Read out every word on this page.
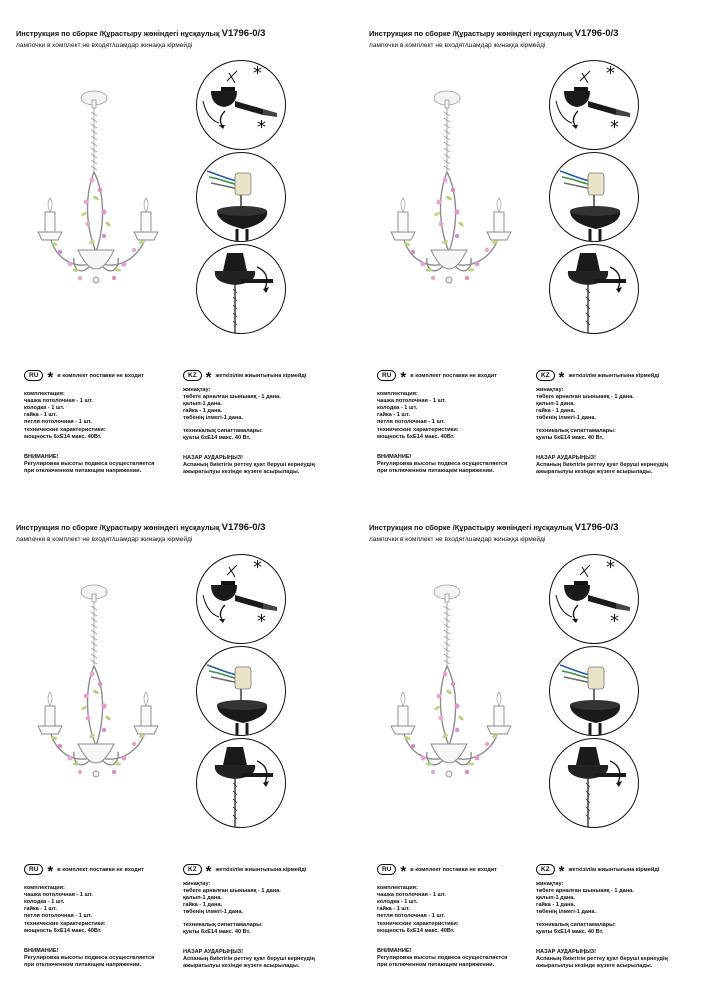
Инструкция по сборке /Құрастыру жөніндегі нұсқаулық V1796-0/3
лампочки в комплект не входят/шамдар жинаққа кірмейді
*
*
RU * в комплект поставки не входит	KZ * жеткізілім жиынтығына кірмейді

комплектация:

чашка потолочная - 1 шт.

колодка - 1 шт.

гайка - 1 шт.

петля потолочная - 1 шт.

жинақтау:

төбеге арналған шыныаяқ - 1 дана.

қалып-1 дана.

гайка - 1 дана.

төбенің ілмегі-1 дана.

технические характеристики:

мощность 6хЕ14 макс. 40Вт.

техникалық сипаттамалары:

қуаты 6хЕ14 макс. 40 Вт.

ВНИМАНИЕ!

Регулировка высоты подвеса осуществляется

при отключенном питающем напряжении.

НАЗАР АУДАРЫҢЫЗ!

Аспаның биіктігін реттеу қуат беруші кернеудің

ажыратылуы кезінде жүзеге асырылады.

Инструкция по сборке /Құрастыру жөніндегі нұсқаулық V1796-0/3
лампочки в комплект не входят/шамдар жинаққа кірмейді
*
*
RU * в комплект поставки не входит	KZ * жеткізілім жиынтығына кірмейді

комплектация:

чашка потолочная - 1 шт.

колодка - 1 шт.

гайка - 1 шт.

петля потолочная - 1 шт.

жинақтау:

төбеге арналған шыныаяқ - 1 дана.

қалып-1 дана.

гайка - 1 дана.

төбенің ілмегі-1 дана.

технические характеристики:

мощность 6хЕ14 макс. 40Вт.

техникалық сипаттамалары:

қуаты 6хЕ14 макс. 40 Вт.

ВНИМАНИЕ!

Регулировка высоты подвеса осуществляется

при отключенном питающем напряжении.

НАЗАР АУДАРЫҢЫЗ!

Аспаның биіктігін реттеу қуат беруші кернеудің

ажыратылуы кезінде жүзеге асырылады.

Инструкция по сборке /Құрастыру жөніндегі нұсқаулық V1796-0/3
лампочки в комплект не входят/шамдар жинаққа кірмейді
*
*
RU * в комплект поставки не входит	KZ * жеткізілім жиынтығына кірмейді

комплектация:

чашка потолочная - 1 шт.

колодка - 1 шт.

гайка - 1 шт.

петля потолочная - 1 шт.

жинақтау:

төбеге арналған шыныаяқ - 1 дана.

қалып-1 дана.

гайка - 1 дана.

төбенің ілмегі-1 дана.

технические характеристики:

мощность 6хЕ14 макс. 40Вт.

техникалық сипаттамалары:

қуаты 6хЕ14 макс. 40 Вт.

ВНИМАНИЕ!

Регулировка высоты подвеса осуществляется

при отключенном питающем напряжении.

НАЗАР АУДАРЫҢЫЗ!

Аспаның биіктігін реттеу қуат беруші кернеудің

ажыратылуы кезінде жүзеге асырылады.

Инструкция по сборке /Құрастыру жөніндегі нұсқаулық V1796-0/3
лампочки в комплект не входят/шамдар жинаққа кірмейді
*
*
RU * в комплект поставки не входит	KZ * жеткізілім жиынтығына кірмейді

комплектация:

чашка потолочная - 1 шт.

колодка - 1 шт.

гайка - 1 шт.

петля потолочная - 1 шт.

жинақтау:

төбеге арналған шыныаяқ - 1 дана.

қалып-1 дана.

гайка - 1 дана.

төбенің ілмегі-1 дана.

технические характеристики:

мощность 6хЕ14 макс. 40Вт.

техникалық сипаттамалары:

қуаты 6хЕ14 макс. 40 Вт.

ВНИМАНИЕ!

Регулировка высоты подвеса осуществляется

при отключенном питающем напряжении.

НАЗАР АУДАРЫҢЫЗ!

Аспаның биіктігін реттеу қуат беруші кернеудің

ажыратылуы кезінде жүзеге асырылады.
